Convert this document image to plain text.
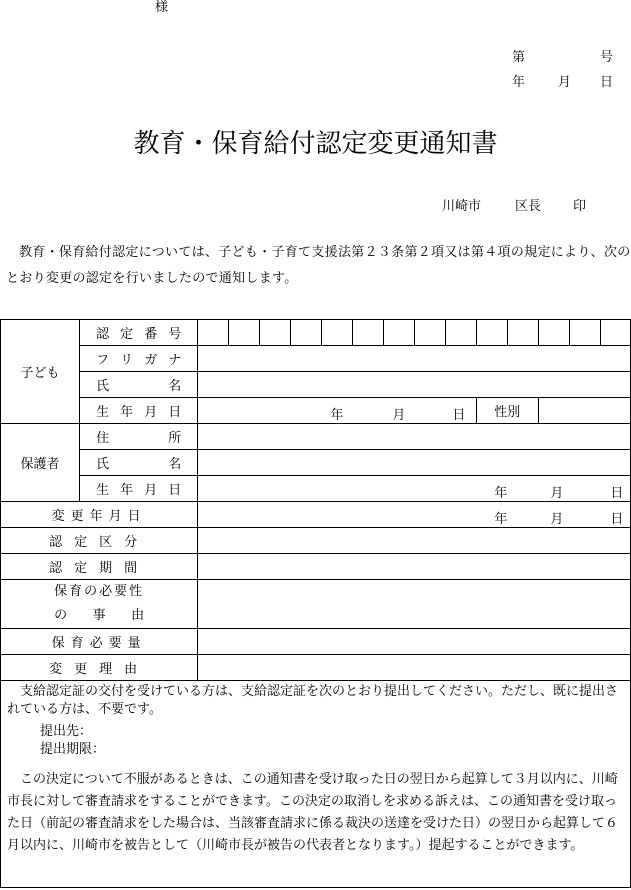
様
第	号
年	月 日
教育・保育給付認定変更通知書
川崎市	区長 印

教育・保育給付認定については、子ども・子育て支援法第２３条第２項又は第４項の規定により、次のとおり変更の認定を行いましたので通知します。

子ども	認 定 番 号														

	フ リ ガ ナ														

	氏 名														

	生 年 月 日	年 月 日									性別				
保護者	住 所														

	氏 名														

	生 年 月 日	年 月 日													

変更年月日		年 月 日													

認定区分															
認定期間															

保育の必要性
の 事 由															

保育必要量															
変更理由															
支給認定証の交付を受けている方は、支給認定証を次のとおり提出してください。ただし、既に提出されている方は、不要です。
提出先：
提出期限：
この決定について不服があるときは、この通知書を受け取った日の翌日から起算して３月以内に、川崎市長に対して審査請求をすることができます。この決定の取消しを求める訴えは、この通知書を受け取った日（前記の審査請求をした場合は、当該審査請求に係る裁決の送達を受けた日）の翌日から起算して６月以内に、川崎市を被告として（川崎市長が被告の代表者となります。）提起することができます。
